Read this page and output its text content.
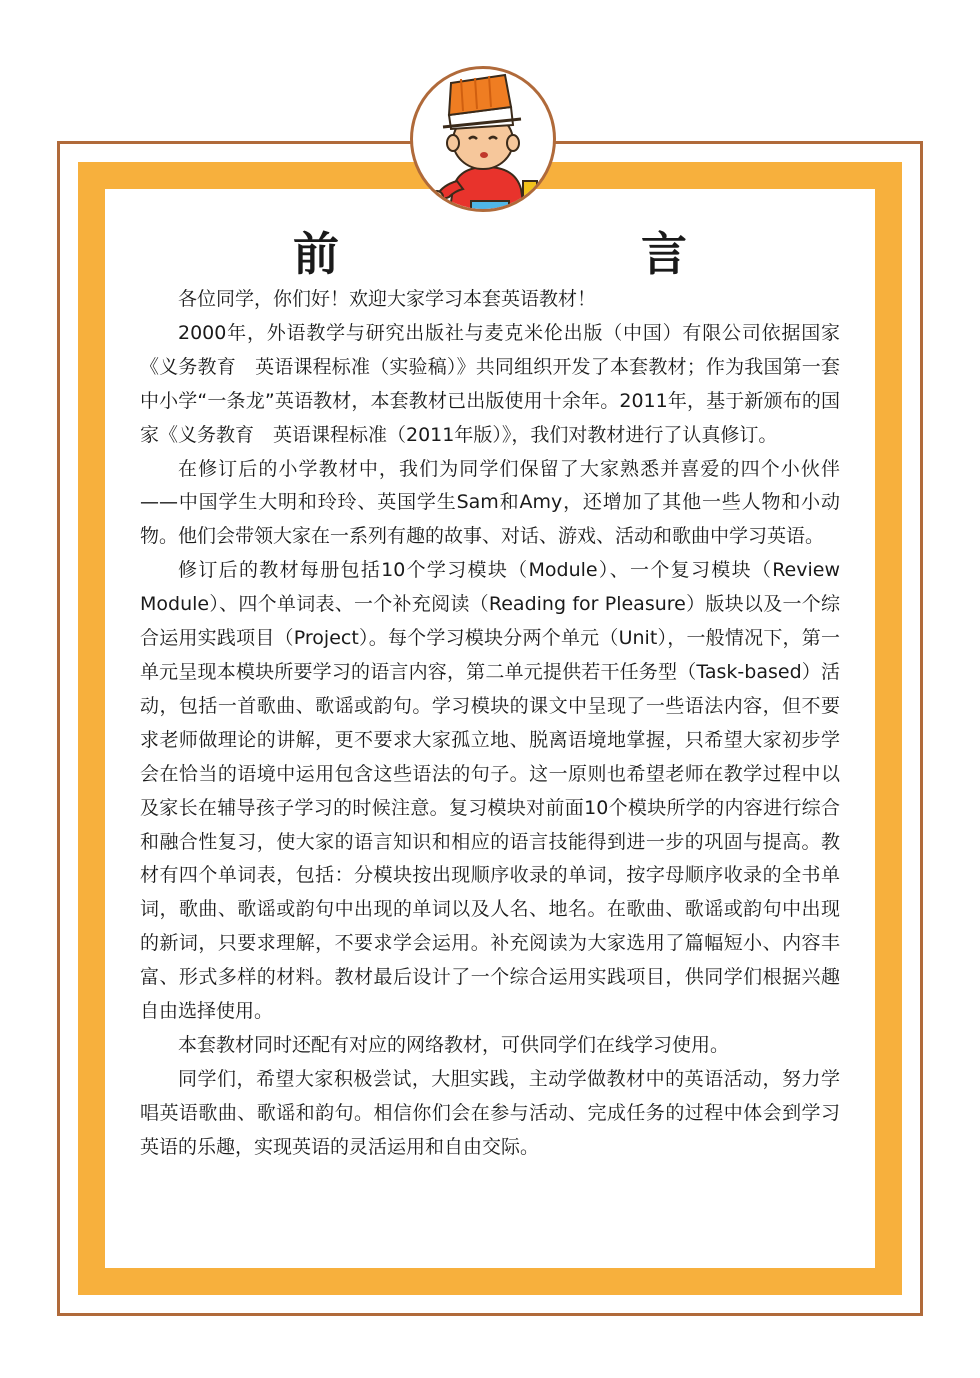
前　言

各位同学，你们好！欢迎大家学习本套英语教材！

2000年，外语教学与研究出版社与麦克米伦出版（中国）有限公司依据国家《义务教育　英语课程标准（实验稿）》共同组织开发了本套教材；作为我国第一套中小学“一条龙”英语教材，本套教材已出版使用十余年。2011年，基于新颁布的国家《义务教育　英语课程标准（2011年版）》，我们对教材进行了认真修订。

在修订后的小学教材中，我们为同学们保留了大家熟悉并喜爱的四个小伙伴——中国学生大明和玲玲、英国学生Sam和Amy，还增加了其他一些人物和小动物。他们会带领大家在一系列有趣的故事、对话、游戏、活动和歌曲中学习英语。

修订后的教材每册包括10个学习模块（Module）、一个复习模块（Review Module）、四个单词表、一个补充阅读（Reading for Pleasure）版块以及一个综合运用实践项目（Project）。每个学习模块分两个单元（Unit），一般情况下，第一单元呈现本模块所要学习的语言内容，第二单元提供若干任务型（Task-based）活动，包括一首歌曲、歌谣或韵句。学习模块的课文中呈现了一些语法内容，但不要求老师做理论的讲解，更不要求大家孤立地、脱离语境地掌握，只希望大家初步学会在恰当的语境中运用包含这些语法的句子。这一原则也希望老师在教学过程中以及家长在辅导孩子学习的时候注意。复习模块对前面10个模块所学的内容进行综合和融合性复习，使大家的语言知识和相应的语言技能得到进一步的巩固与提高。教材有四个单词表，包括：分模块按出现顺序收录的单词，按字母顺序收录的全书单词，歌曲、歌谣或韵句中出现的单词以及人名、地名。在歌曲、歌谣或韵句中出现的新词，只要求理解，不要求学会运用。补充阅读为大家选用了篇幅短小、内容丰富、形式多样的材料。教材最后设计了一个综合运用实践项目，供同学们根据兴趣自由选择使用。

本套教材同时还配有对应的网络教材，可供同学们在线学习使用。

同学们，希望大家积极尝试，大胆实践，主动学做教材中的英语活动，努力学唱英语歌曲、歌谣和韵句。相信你们会在参与活动、完成任务的过程中体会到学习英语的乐趣，实现英语的灵活运用和自由交际。
